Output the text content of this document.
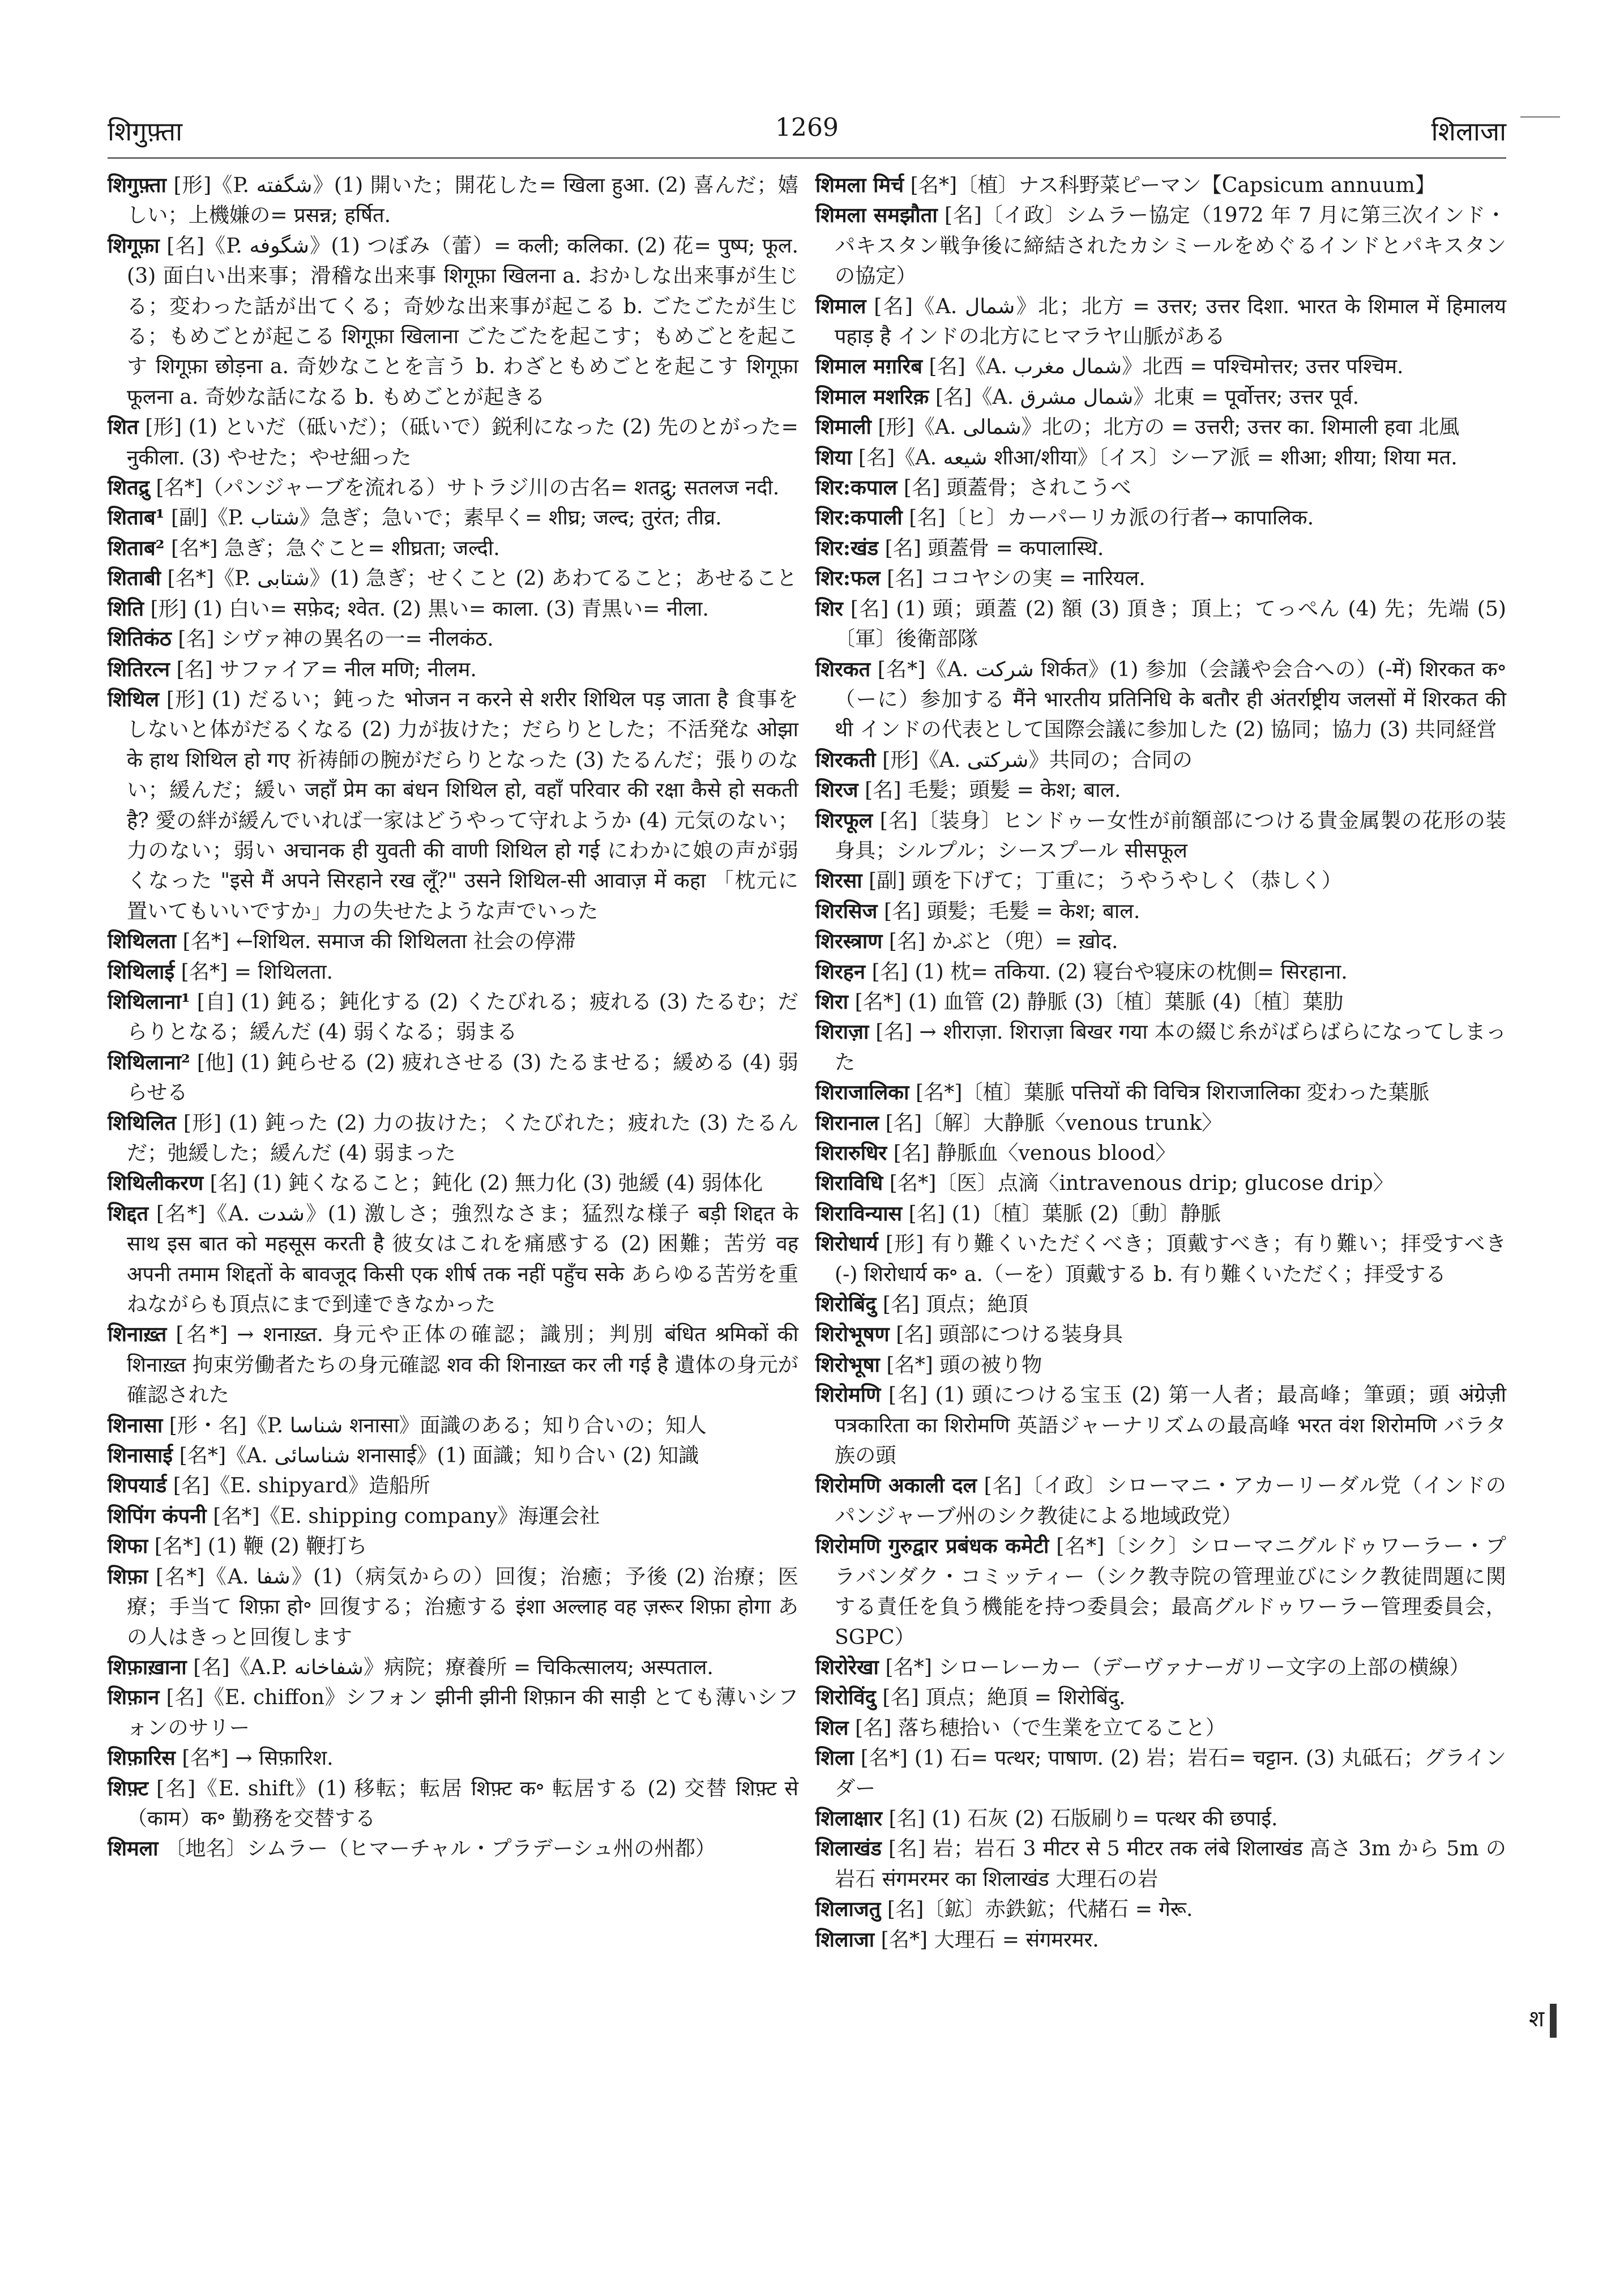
शिगुफ़्ता	1269	शिलाजा

शिगुफ़्ता [形]《P. شگفته》(1) 開いた；開花した= खिला हुआ. (2) 喜んだ；嬉しい；上機嫌の= प्रसन्न; हर्षित.

शिगूफ़ा [名]《P. شگوفه》(1) つぼみ（蕾）= कली; कलिका. (2) 花= पुष्प; फूल. (3) 面白い出来事；滑稽な出来事 शिगूफ़ा खिलना a. おかしな出来事が生じる；変わった話が出てくる；奇妙な出来事が起こる b. ごたごたが生じる；もめごとが起こる शिगूफ़ा खिलाना ごたごたを起こす；もめごとを起こす शिगूफ़ा छोड़ना a. 奇妙なことを言う b. わざともめごとを起こす शिगूफ़ा फूलना a. 奇妙な話になる b. もめごとが起きる

शित [形] (1) といだ（砥いだ）；（砥いで）鋭利になった (2) 先のとがった= नुकीला. (3) やせた；やせ細った

शितद्रु [名*]（パンジャーブを流れる）サトラジ川の古名= शतद्रु; सतलज नदी.

शिताब¹ [副]《P. شتاب》急ぎ；急いで；素早く= शीघ्र; जल्द; तुरंत; तीव्र.

शिताब² [名*] 急ぎ；急ぐこと= शीघ्रता; जल्दी.

शिताबी [名*]《P. شتابی》(1) 急ぎ；せくこと (2) あわてること；あせること

शिति [形] (1) 白い= सफ़ेद; श्वेत. (2) 黒い= काला. (3) 青黒い= नीला.

शितिकंठ [名] シヴァ神の異名の一= नीलकंठ.

शितिरत्न [名] サファイア= नील मणि; नीलम.

शिथिल [形] (1) だるい；鈍った भोजन न करने से शरीर शिथिल पड़ जाता है 食事をしないと体がだるくなる (2) 力が抜けた；だらりとした；不活発な ओझा के हाथ शिथिल हो गए 祈祷師の腕がだらりとなった (3) たるんだ；張りのない；緩んだ；緩い जहाँ प्रेम का बंधन शिथिल हो, वहाँ परिवार की रक्षा कैसे हो सकती है? 愛の絆が緩んでいれば一家はどうやって守れようか (4) 元気のない；力のない；弱い अचानक ही युवती की वाणी शिथिल हो गई にわかに娘の声が弱くなった "इसे मैं अपने सिरहाने रख लूँ?" उसने शिथिल-सी आवाज़ में कहा 「枕元に置いてもいいですか」力の失せたような声でいった

शिथिलता [名*] ←शिथिल. समाज की शिथिलता 社会の停滞

शिथिलाई [名*] = शिथिलता.

शिथिलाना¹ [自] (1) 鈍る；鈍化する (2) くたびれる；疲れる (3) たるむ；だらりとなる；緩んだ (4) 弱くなる；弱まる

शिथिलाना² [他] (1) 鈍らせる (2) 疲れさせる (3) たるませる；緩める (4) 弱らせる

शिथिलित [形] (1) 鈍った (2) 力の抜けた；くたびれた；疲れた (3) たるんだ；弛緩した；緩んだ (4) 弱まった

शिथिलीकरण [名] (1) 鈍くなること；鈍化 (2) 無力化 (3) 弛緩 (4) 弱体化

शिद्दत [名*]《A. شدت》(1) 激しさ；強烈なさま；猛烈な様子 बड़ी शिद्दत के साथ इस बात को महसूस करती है 彼女はこれを痛感する (2) 困難；苦労 वह अपनी तमाम शिद्दतों के बावजूद किसी एक शीर्ष तक नहीं पहुँच सके あらゆる苦労を重ねながらも頂点にまで到達できなかった

शिनाख़्त [名*] → शनाख़्त. 身元や正体の確認；識別；判別 बंधित श्रमिकों की शिनाख़्त 拘束労働者たちの身元確認 शव की शिनाख़्त कर ली गई है 遺体の身元が確認された

शिनासा [形・名]《P. شناسا शनासा》面識のある；知り合いの；知人

शिनासाई [名*]《A. شناسائی शनासाई》(1) 面識；知り合い (2) 知識

शिपयार्ड [名]《E. shipyard》造船所

शिपिंग कंपनी [名*]《E. shipping company》海運会社

शिफा [名*] (1) 鞭 (2) 鞭打ち

शिफ़ा [名*]《A. شفا》(1)（病気からの）回復；治癒；予後 (2) 治療；医療；手当て शिफ़ा हो॰ 回復する；治癒する इंशा अल्लाह वह ज़रूर शिफ़ा होगा あの人はきっと回復します

शिफ़ाख़ाना [名]《A.P. شفاخانه》病院；療養所 = चिकित्सालय; अस्पताल.

शिफ़ान [名]《E. chiffon》シフォン झीनी झीनी शिफ़ान की साड़ी とても薄いシフォンのサリー

शिफ़ारिस [名*] → सिफ़ारिश.

शिफ़्ट [名]《E. shift》(1) 移転；転居 शिफ़्ट क॰ 転居する (2) 交替 शिफ़्ट से（काम）क॰ 勤務を交替する

शिमला 〔地名〕シムラー（ヒマーチャル・プラデーシュ州の州都）

शिमला मिर्च [名*]〔植〕ナス科野菜ピーマン【Capsicum annuum】

शिमला समझौता [名]〔イ政〕シムラー協定（1972 年 7 月に第三次インド・パキスタン戦争後に締結されたカシミールをめぐるインドとパキスタンの協定）

शिमाल [名]《A. شمال》北；北方 = उत्तर; उत्तर दिशा. भारत के शिमाल में हिमालय पहाड़ है インドの北方にヒマラヤ山脈がある

शिमाल मग़रिब [名]《A. شمال مغرب》北西 = पश्चिमोत्तर; उत्तर पश्चिम.

शिमाल मशरिक़ [名]《A. شمال مشرق》北東 = पूर्वोत्तर; उत्तर पूर्व.

शिमाली [形]《A. شمالی》北の；北方の = उत्तरी; उत्तर का. शिमाली हवा 北風

शिया [名]《A. شیعه शीआ/शीया》〔イス〕シーア派 = शीआ; शीया; शिया मत.

शिर:कपाल [名] 頭蓋骨；されこうべ

शिर:कपाली [名]〔ヒ〕カーパーリカ派の行者→ कापालिक.

शिर:खंड [名] 頭蓋骨 = कपालास्थि.

शिर:फल [名] ココヤシの実 = नारियल.

शिर [名] (1) 頭；頭蓋 (2) 額 (3) 頂き；頂上；てっぺん (4) 先；先端 (5)〔軍〕後衛部隊

शिरकत [名*]《A. شرکت शिर्कत》(1) 参加（会議や会合への）(-में) शिरकत क॰（ーに）参加する मैंने भारतीय प्रतिनिधि के बतौर ही अंतर्राष्ट्रीय जलसों में शिरकत की थी インドの代表として国際会議に参加した (2) 協同；協力 (3) 共同経営

शिरकती [形]《A. شرکتی》共同の；合同の

शिरज [名] 毛髪；頭髪 = केश; बाल.

शिरफूल [名]〔装身〕ヒンドゥー女性が前額部につける貴金属製の花形の装身具；シルプル；シースプール सीसफूल

शिरसा [副] 頭を下げて；丁重に；うやうやしく（恭しく）

शिरसिज [名] 頭髪；毛髪 = केश; बाल.

शिरस्त्राण [名] かぶと（兜）= ख़ोद.

शिरहन [名] (1) 枕= तकिया. (2) 寝台や寝床の枕側= सिरहाना.

शिरा [名*] (1) 血管 (2) 静脈 (3)〔植〕葉脈 (4)〔植〕葉肋

शिराज़ा [名] → शीराज़ा. शिराज़ा बिखर गया 本の綴じ糸がばらばらになってしまった

शिराजालिका [名*]〔植〕葉脈 पत्तियों की विचित्र शिराजालिका 変わった葉脈

शिरानाल [名]〔解〕大静脈〈venous trunk〉

शिरारुधिर [名] 静脈血〈venous blood〉

शिराविधि [名*]〔医〕点滴〈intravenous drip; glucose drip〉

शिराविन्यास [名] (1)〔植〕葉脈 (2)〔動〕静脈

शिरोधार्य [形] 有り難くいただくべき；頂戴すべき；有り難い；拝受すべき (-) शिरोधार्य क॰ a.（ーを）頂戴する b. 有り難くいただく；拝受する

शिरोबिंदु [名] 頂点；絶頂

शिरोभूषण [名] 頭部につける装身具

शिरोभूषा [名*] 頭の被り物

शिरोमणि [名] (1) 頭につける宝玉 (2) 第一人者；最高峰；筆頭；頭 अंग्रेज़ी पत्रकारिता का शिरोमणि 英語ジャーナリズムの最高峰 भरत वंश शिरोमणि バラタ族の頭

शिरोमणि अकाली दल [名]〔イ政〕シローマニ・アカーリーダル党（インドのパンジャーブ州のシク教徒による地域政党）

शिरोमणि गुरुद्वार प्रबंधक कमेटी [名*]〔シク〕シローマニグルドゥワーラー・プラバンダク・コミッティー（シク教寺院の管理並びにシク教徒問題に関する責任を負う機能を持つ委員会；最高グルドゥワーラー管理委員会，SGPC）

शिरोरेखा [名*] シローレーカー（デーヴァナーガリー文字の上部の横線）

शिरोविंदु [名] 頂点；絶頂 = शिरोबिंदु.

शिल [名] 落ち穂拾い（で生業を立てること）

शिला [名*] (1) 石= पत्थर; पाषाण. (2) 岩；岩石= चट्टान. (3) 丸砥石；グラインダー

शिलाक्षार [名] (1) 石灰 (2) 石版刷り= पत्थर की छपाई.

शिलाखंड [名] 岩；岩石 3 मीटर से 5 मीटर तक लंबे शिलाखंड 高さ 3m から 5m の岩石 संगमरमर का शिलाखंड 大理石の岩

शिलाजतु [名]〔鉱〕赤鉄鉱；代赭石 = गेरू.

शिलाजा [名*] 大理石 = संगमरमर.

श
